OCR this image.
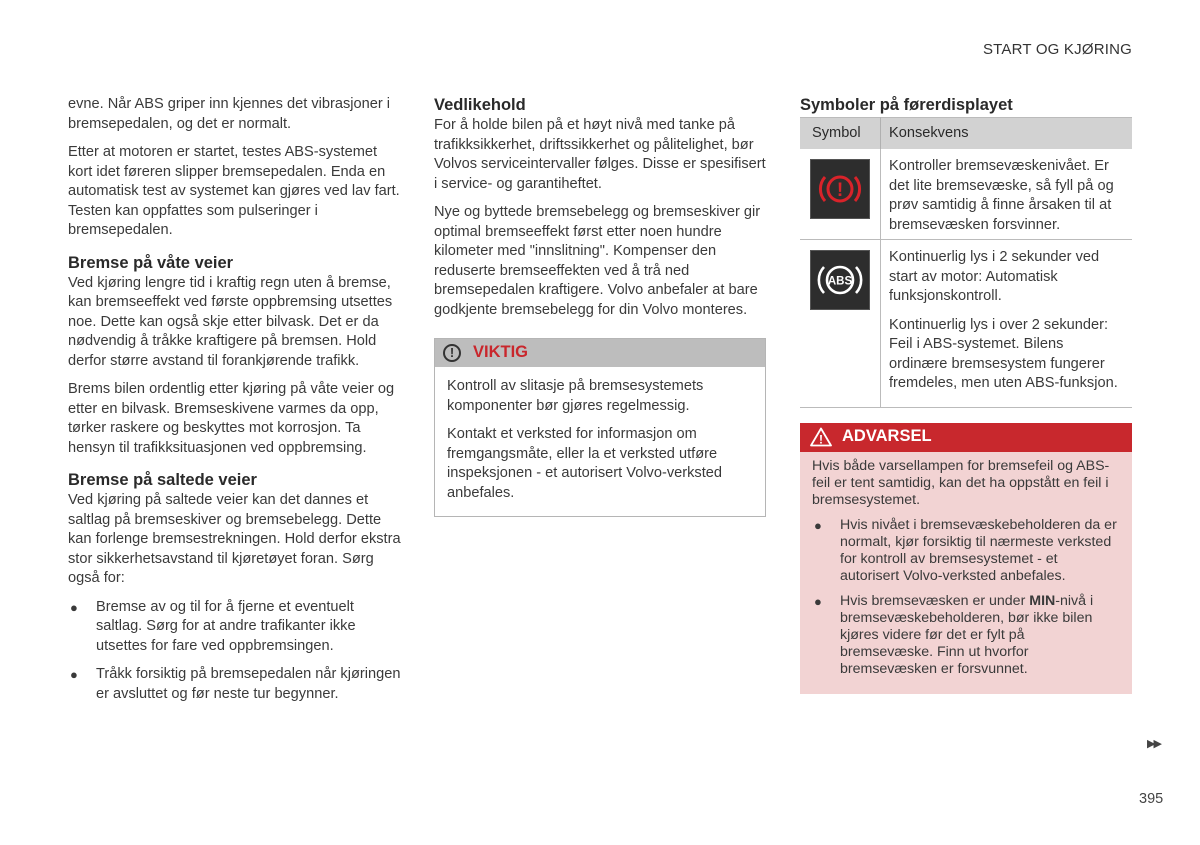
START OG KJØRING

evne. Når ABS griper inn kjennes det vibrasjoner i bremsepedalen, og det er normalt.

Etter at motoren er startet, testes ABS-systemet kort idet føreren slipper bremsepedalen. Enda en automatisk test av systemet kan gjøres ved lav fart. Testen kan oppfattes som pulseringer i bremsepedalen.

Bremse på våte veier

Ved kjøring lengre tid i kraftig regn uten å bremse, kan bremseeffekt ved første oppbremsing utsettes noe. Dette kan også skje etter bilvask. Det er da nødvendig å tråkke kraftigere på bremsen. Hold derfor større avstand til forankjørende trafikk.

Brems bilen ordentlig etter kjøring på våte veier og etter en bilvask. Bremseskivene varmes da opp, tørker raskere og beskyttes mot korrosjon. Ta hensyn til trafikksituasjonen ved oppbremsing.

Bremse på saltede veier

Ved kjøring på saltede veier kan det dannes et saltlag på bremseskiver og bremsebelegg. Dette kan forlenge bremsestrekningen. Hold derfor ekstra stor sikkerhetsavstand til kjøretøyet foran. Sørg også for:

● Bremse av og til for å fjerne et eventuelt saltlag. Sørg for at andre trafikanter ikke utsettes for fare ved oppbremsingen.
● Tråkk forsiktig på bremsepedalen når kjøringen er avsluttet og før neste tur begynner.
Vedlikehold

For å holde bilen på et høyt nivå med tanke på trafikksikkerhet, driftssikkerhet og pålitelighet, bør Volvos serviceintervaller følges. Disse er spesifisert i service- og garantiheftet.

Nye og byttede bremsebelegg og bremseskiver gir optimal bremseeffekt først etter noen hundre kilometer med "innslitning". Kompenser den reduserte bremseeffekten ved å trå ned bremsepedalen kraftigere. Volvo anbefaler at bare godkjente bremsebelegg for din Volvo monteres.

!	VIKTIG

Kontroll av slitasje på bremsesystemets komponenter bør gjøres regelmessig.

Kontakt et verksted for informasjon om fremgangsmåte, eller la et verksted utføre inspeksjonen - et autorisert Volvo-verksted anbefales.

Symboler på førerdisplayet
Symbol	Konsekvens

!	Kontroller bremsevæskenivået. Er det lite bremsevæske, så fyll på og prøv samtidig å finne årsaken til at bremsevæsken forsvinner.

ABS	Kontinuerlig lys i 2 sekunder ved start av motor: Automatisk funksjonskontroll.

Kontinuerlig lys i over 2 sekunder: Feil i ABS-systemet. Bilens ordinære bremsesystem fungerer fremdeles, men uten ABS-funksjon.

! ADVARSEL

Hvis både varsellampen for bremsefeil og ABS-feil er tent samtidig, kan det ha oppstått en feil i bremsesystemet.

● Hvis nivået i bremsevæskebeholderen da er normalt, kjør forsiktig til nærmeste verksted for kontroll av bremsesystemet - et autorisert Volvo-verksted anbefales.
● Hvis bremsevæsken er under MIN-nivå i bremsevæskebeholderen, bør ikke bilen kjøres videre før det er fylt på bremsevæske. Finn ut hvorfor bremsevæsken er forsvunnet.
▶▶
395
